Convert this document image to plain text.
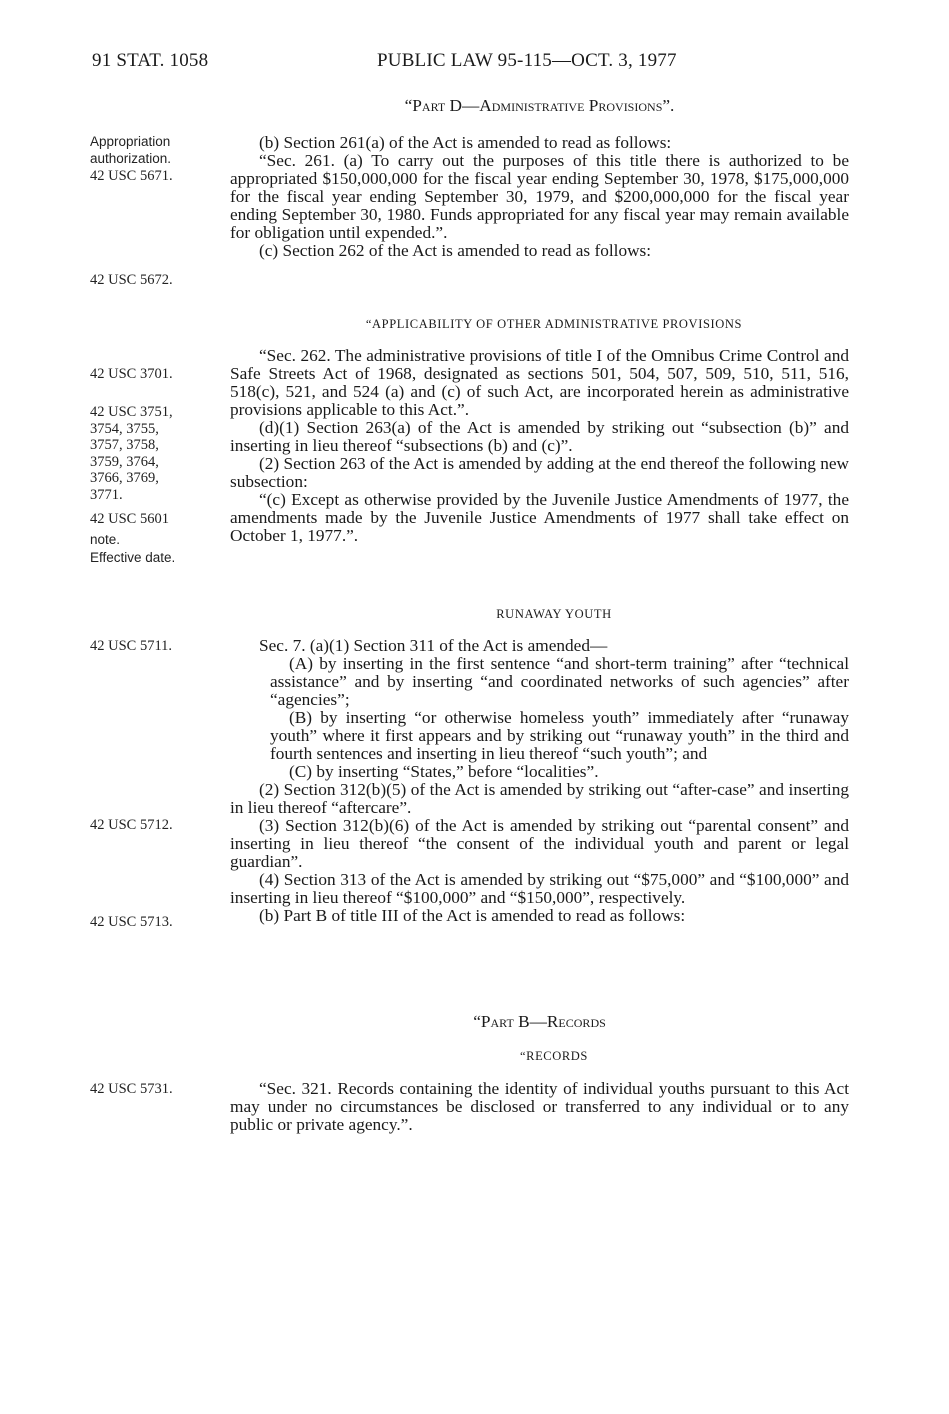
91 STAT. 1058	PUBLIC LAW 95-115—OCT. 3, 1977
Appropriation
authorization.
42 USC 5671.
42 USC 5672.
42 USC 3701.
42 USC 3751,
3754, 3755,
3757, 3758,
3759, 3764,
3766, 3769,
3771.
42 USC 5601
note.
Effective date.
42 USC 5711.
42 USC 5712.
42 USC 5713.
42 USC 5731.

“Part D—Administrative Provisions”.

(b) Section 261(a) of the Act is amended to read as follows:

“Sec. 261. (a) To carry out the purposes of this title there is authorized to be appropriated $150,000,000 for the fiscal year ending September 30, 1978, $175,000,000 for the fiscal year ending September 30, 1979, and $200,000,000 for the fiscal year ending September 30, 1980. Funds appropriated for any fiscal year may remain available for obligation until expended.”.

(c) Section 262 of the Act is amended to read as follows:

“APPLICABILITY OF OTHER ADMINISTRATIVE PROVISIONS

“Sec. 262. The administrative provisions of title I of the Omnibus Crime Control and Safe Streets Act of 1968, designated as sections 501, 504, 507, 509, 510, 511, 516, 518(c), 521, and 524 (a) and (c) of such Act, are incorporated herein as administrative provisions applicable to this Act.”.

(d)(1) Section 263(a) of the Act is amended by striking out “subsection (b)” and inserting in lieu thereof “subsections (b) and (c)”.

(2) Section 263 of the Act is amended by adding at the end thereof the following new subsection:

“(c) Except as otherwise provided by the Juvenile Justice Amendments of 1977, the amendments made by the Juvenile Justice Amendments of 1977 shall take effect on October 1, 1977.”.

RUNAWAY YOUTH

Sec. 7. (a)(1) Section 311 of the Act is amended—

(A) by inserting in the first sentence “and short-term training” after “technical assistance” and by inserting “and coordinated networks of such agencies” after “agencies”;

(B) by inserting “or otherwise homeless youth” immediately after “runaway youth” where it first appears and by striking out “runaway youth” in the third and fourth sentences and inserting in lieu thereof “such youth”; and

(C) by inserting “States,” before “localities”.

(2) Section 312(b)(5) of the Act is amended by striking out “after-case” and inserting in lieu thereof “aftercare”.

(3) Section 312(b)(6) of the Act is amended by striking out “parental consent” and inserting in lieu thereof “the consent of the individual youth and parent or legal guardian”.

(4) Section 313 of the Act is amended by striking out “$75,000” and “$100,000” and inserting in lieu thereof “$100,000” and “$150,000”, respectively.

(b) Part B of title III of the Act is amended to read as follows:

“Part B—Records

“RECORDS

“Sec. 321. Records containing the identity of individual youths pursuant to this Act may under no circumstances be disclosed or transferred to any individual or to any public or private agency.”.
